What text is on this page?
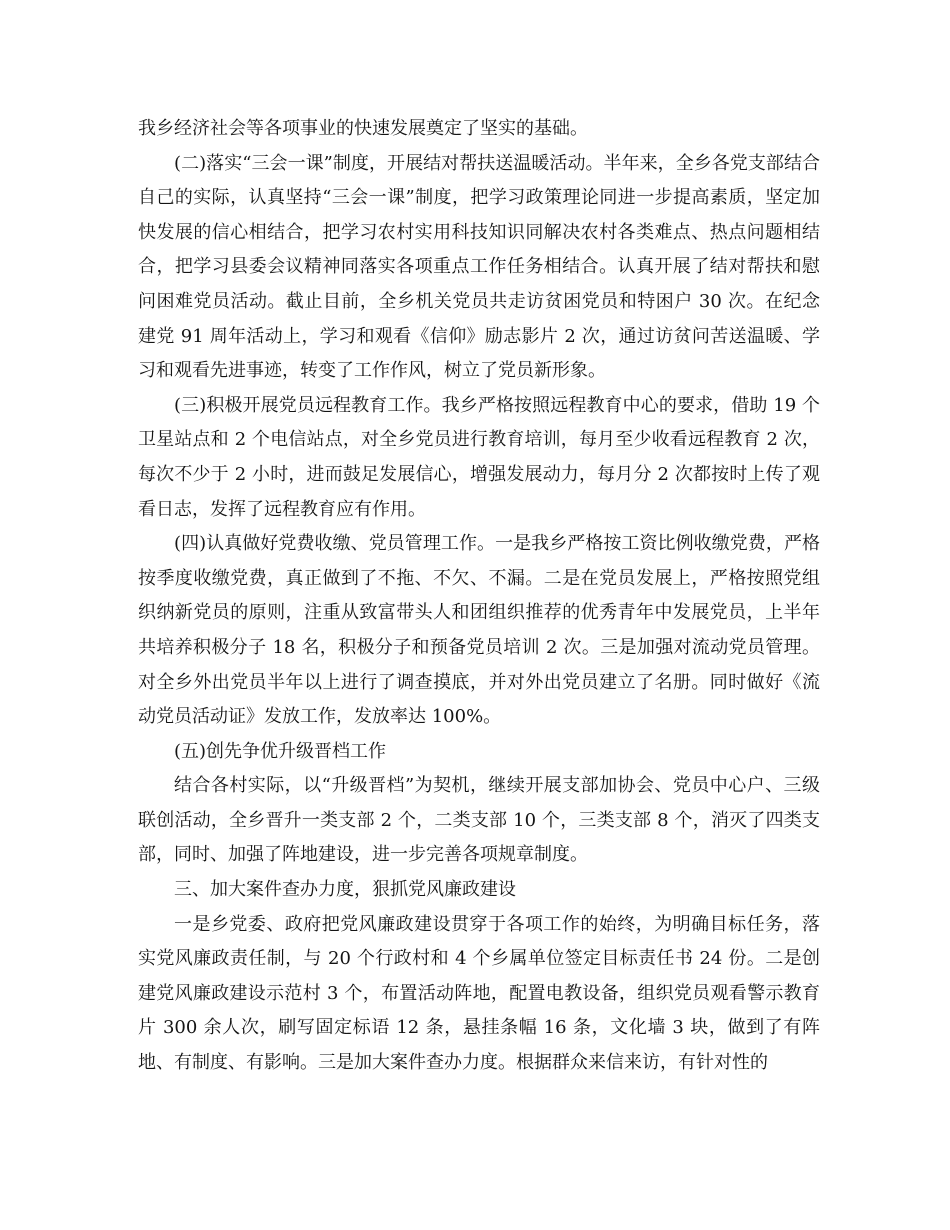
我乡经济社会等各项事业的快速发展奠定了坚实的基础。

(二)落实“三会一课”制度，开展结对帮扶送温暖活动。半年来，全乡各党支部结合自己的实际，认真坚持“三会一课”制度，把学习政策理论同进一步提高素质，坚定加快发展的信心相结合，把学习农村实用科技知识同解决农村各类难点、热点问题相结合，把学习县委会议精神同落实各项重点工作任务相结合。认真开展了结对帮扶和慰问困难党员活动。截止目前，全乡机关党员共走访贫困党员和特困户 30 次。在纪念建党 91 周年活动上，学习和观看《信仰》励志影片 2 次，通过访贫问苦送温暖、学习和观看先进事迹，转变了工作作风，树立了党员新形象。

(三)积极开展党员远程教育工作。我乡严格按照远程教育中心的要求，借助 19 个卫星站点和 2 个电信站点，对全乡党员进行教育培训，每月至少收看远程教育 2 次，每次不少于 2 小时，进而鼓足发展信心，增强发展动力，每月分 2 次都按时上传了观看日志，发挥了远程教育应有作用。

(四)认真做好党费收缴、党员管理工作。一是我乡严格按工资比例收缴党费，严格按季度收缴党费，真正做到了不拖、不欠、不漏。二是在党员发展上，严格按照党组织纳新党员的原则，注重从致富带头人和团组织推荐的优秀青年中发展党员，上半年共培养积极分子 18 名，积极分子和预备党员培训 2 次。三是加强对流动党员管理。对全乡外出党员半年以上进行了调查摸底，并对外出党员建立了名册。同时做好《流动党员活动证》发放工作，发放率达 100%。

(五)创先争优升级晋档工作

结合各村实际，以“升级晋档”为契机，继续开展支部加协会、党员中心户、三级联创活动，全乡晋升一类支部 2 个，二类支部 10 个，三类支部 8 个，消灭了四类支部，同时、加强了阵地建设，进一步完善各项规章制度。

三、加大案件查办力度，狠抓党风廉政建设

一是乡党委、政府把党风廉政建设贯穿于各项工作的始终，为明确目标任务，落实党风廉政责任制，与 20 个行政村和 4 个乡属单位签定目标责任书 24 份。二是创建党风廉政建设示范村 3 个，布置活动阵地，配置电教设备，组织党员观看警示教育片 300 余人次，刷写固定标语 12 条，悬挂条幅 16 条，文化墙 3 块，做到了有阵地、有制度、有影响。三是加大案件查办力度。根据群众来信来访，有针对性的
